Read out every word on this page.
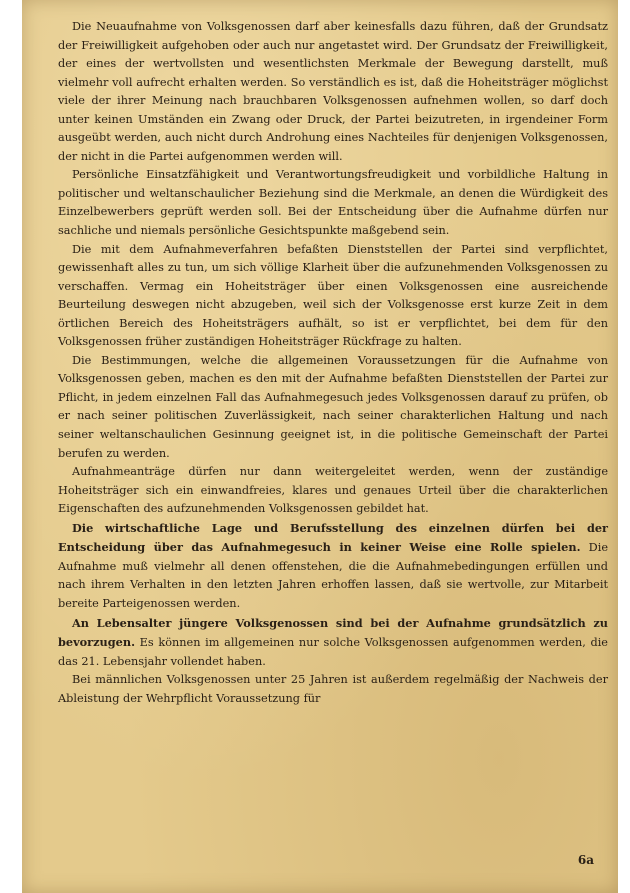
Die Neuaufnahme von Volksgenossen darf aber keinesfalls dazu führen, daß der Grundsatz der Freiwilligkeit aufgehoben oder auch nur angetastet wird. Der Grundsatz der Freiwilligkeit, der eines der wertvollsten und wesentlichsten Merkmale der Bewegung darstellt, muß vielmehr voll aufrecht erhalten werden. So verständlich es ist, daß die Hoheitsträger möglichst viele der ihrer Meinung nach brauchbaren Volksgenossen aufnehmen wollen, so darf doch unter keinen Umständen ein Zwang oder Druck, der Partei beizutreten, in irgendeiner Form ausgeübt werden, auch nicht durch Androhung eines Nachteiles für denjenigen Volksgenossen, der nicht in die Partei aufgenommen werden will.

Persönliche Einsatzfähigkeit und Verantwortungsfreudigkeit und vorbildliche Haltung in politischer und weltanschaulicher Beziehung sind die Merkmale, an denen die Würdigkeit des Einzelbewerbers geprüft werden soll. Bei der Entscheidung über die Aufnahme dürfen nur sachliche und niemals persönliche Gesichtspunkte maßgebend sein.

Die mit dem Aufnahmeverfahren befaßten Dienststellen der Partei sind verpflichtet, gewissenhaft alles zu tun, um sich völlige Klarheit über die aufzunehmenden Volksgenossen zu verschaffen. Vermag ein Hoheitsträger über einen Volksgenossen eine ausreichende Beurteilung deswegen nicht abzugeben, weil sich der Volksgenosse erst kurze Zeit in dem örtlichen Bereich des Hoheitsträgers aufhält, so ist er verpflichtet, bei dem für den Volksgenossen früher zuständigen Hoheitsträger Rückfrage zu halten.

Die Bestimmungen, welche die allgemeinen Voraussetzungen für die Aufnahme von Volksgenossen geben, machen es den mit der Aufnahme befaßten Dienststellen der Partei zur Pflicht, in jedem einzelnen Fall das Aufnahmegesuch jedes Volksgenossen darauf zu prüfen, ob er nach seiner politischen Zuverlässigkeit, nach seiner charakterlichen Haltung und nach seiner weltanschaulichen Gesinnung geeignet ist, in die politische Gemeinschaft der Partei berufen zu werden.

Aufnahmeanträge dürfen nur dann weitergeleitet werden, wenn der zuständige Hoheitsträger sich ein einwandfreies, klares und genaues Urteil über die charakterlichen Eigenschaften des aufzunehmenden Volksgenossen gebildet hat.

Die wirtschaftliche Lage und Berufsstellung des einzelnen dürfen bei der Entscheidung über das Aufnahmegesuch in keiner Weise eine Rolle spielen. Die Aufnahme muß vielmehr all denen offenstehen, die die Aufnahmebedingungen erfüllen und nach ihrem Verhalten in den letzten Jahren erhoffen lassen, daß sie wertvolle, zur Mitarbeit bereite Parteigenossen werden.

An Lebensalter jüngere Volksgenossen sind bei der Aufnahme grundsätzlich zu bevorzugen. Es können im allgemeinen nur solche Volksgenossen aufgenommen werden, die das 21. Lebensjahr vollendet haben.

Bei männlichen Volksgenossen unter 25 Jahren ist außerdem regelmäßig der Nachweis der Ableistung der Wehrpflicht Voraussetzung für

6a
